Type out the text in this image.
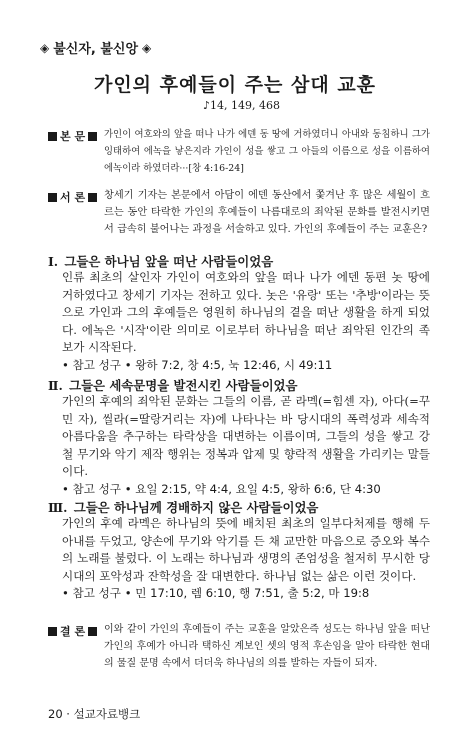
◈ 불신자, 불신앙 ◈
가인의 후예들이 주는 삼대 교훈
♪14, 149, 468
본 문 가인이 여호와의 앞을 떠나 나가 에덴 동 땅에 거하였더니 아내와 동침하니 그가 잉태하여 에녹을 낳은지라 가인이 성을 쌓고 그 아들의 이름으로 성을 이름하여 에녹이라 하였더라···[창 4:16-24]
서 론 창세기 기자는 본문에서 아담이 에덴 동산에서 쫓겨난 후 많은 세월이 흐르는 동안 타락한 가인의 후예들이 나름대로의 죄악된 문화를 발전시키면서 급속히 불어나는 과정을 서술하고 있다. 가인의 후예들이 주는 교훈은?
Ⅰ. 그들은 하나님 앞을 떠난 사람들이었음
인류 최초의 살인자 가인이 여호와의 앞을 떠나 나가 에덴 동편 놋 땅에 거하였다고 창세기 기자는 전하고 있다. 놋은 '유랑' 또는 '추방'이라는 뜻으로 가인과 그의 후예들은 영원히 하나님의 곁을 떠난 생활을 하게 되었다. 에녹은 '시작'이란 의미로 이로부터 하나님을 떠난 죄악된 인간의 족보가 시작된다.
• 참고 성구 • 왕하 7:2, 창 4:5, 눅 12:46, 시 49:11
Ⅱ. 그들은 세속문명을 발전시킨 사람들이었음
가인의 후예의 죄악된 문화는 그들의 이름, 곧 라멕(=힘센 자), 아다(=꾸민 자), 씰라(=딸랑거리는 자)에 나타나는 바 당시대의 폭력성과 세속적 아름다움을 추구하는 타락상을 대변하는 이름이며, 그들의 성을 쌓고 강철 무기와 악기 제작 행위는 정복과 압제 및 향락적 생활을 가리키는 말들이다.
• 참고 성구 • 요일 2:15, 약 4:4, 요일 4:5, 왕하 6:6, 단 4:30
Ⅲ. 그들은 하나님께 경배하지 않은 사람들이었음
가인의 후예 라멕은 하나님의 뜻에 배치된 최초의 일부다처제를 행해 두 아내를 두었고, 양손에 무기와 악기를 든 채 교만한 마음으로 증오와 복수의 노래를 불렀다. 이 노래는 하나님과 생명의 존엄성을 철저히 무시한 당시대의 포악성과 잔학성을 잘 대변한다. 하나님 없는 삶은 이런 것이다.
• 참고 성구 • 민 17:10, 렘 6:10, 행 7:51, 출 5:2, 마 19:8
결 론 이와 같이 가인의 후예들이 주는 교훈을 알았은즉 성도는 하나님 앞을 떠난 가인의 후예가 아니라 택하신 계보인 셋의 영적 후손임을 알아 타락한 현대의 물질 문명 속에서 더더욱 하나님의 의를 발하는 자들이 되자.
20 · 설교자료뱅크
